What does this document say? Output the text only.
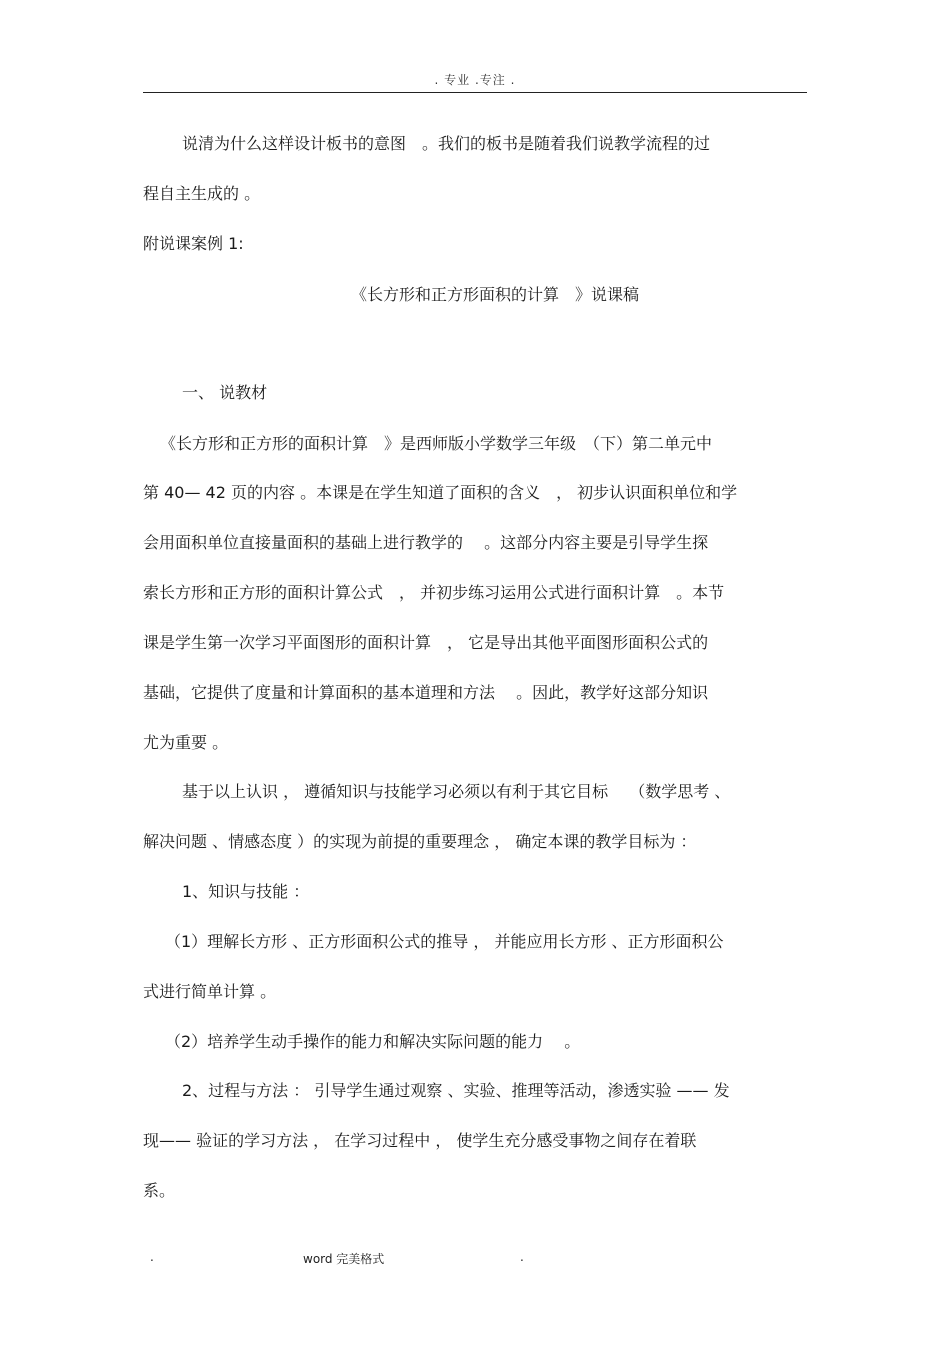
. 专业 .专注 .
说清为什么这样设计板书的意图　。我们的板书是随着我们说教学流程的过
程自主生成的 。
附说课案例 1:
《长方形和正方形面积的计算　》说课稿
一、 说教材
《长方形和正方形的面积计算　》是西师版小学数学三年级　（下）第二单元中
第 40— 42 页的内容 。本课是在学生知道了面积的含义　， 初步认识面积单位和学
会用面积单位直接量面积的基础上进行教学的　 。这部分内容主要是引导学生探
索长方形和正方形的面积计算公式　， 并初步练习运用公式进行面积计算　。本节
课是学生第一次学习平面图形的面积计算　， 它是导出其他平面图形面积公式的
基础，它提供了度量和计算面积的基本道理和方法　 。因此，教学好这部分知识
尤为重要 。
基于以上认识 ， 遵循知识与技能学习必须以有利于其它目标　 （数学思考 、
解决问题 、情感态度 ）的实现为前提的重要理念 ， 确定本课的教学目标为 ：
1、知识与技能 ：
（1）理解长方形 、正方形面积公式的推导 ， 并能应用长方形 、正方形面积公
式进行简单计算 。
（2）培养学生动手操作的能力和解决实际问题的能力　 。
2、过程与方法 ： 引导学生通过观察 、实验、推理等活动，渗透实验 —— 发
现—— 验证的学习方法 ， 在学习过程中 ， 使学生充分感受事物之间存在着联
系。
.	word 完美格式	.
